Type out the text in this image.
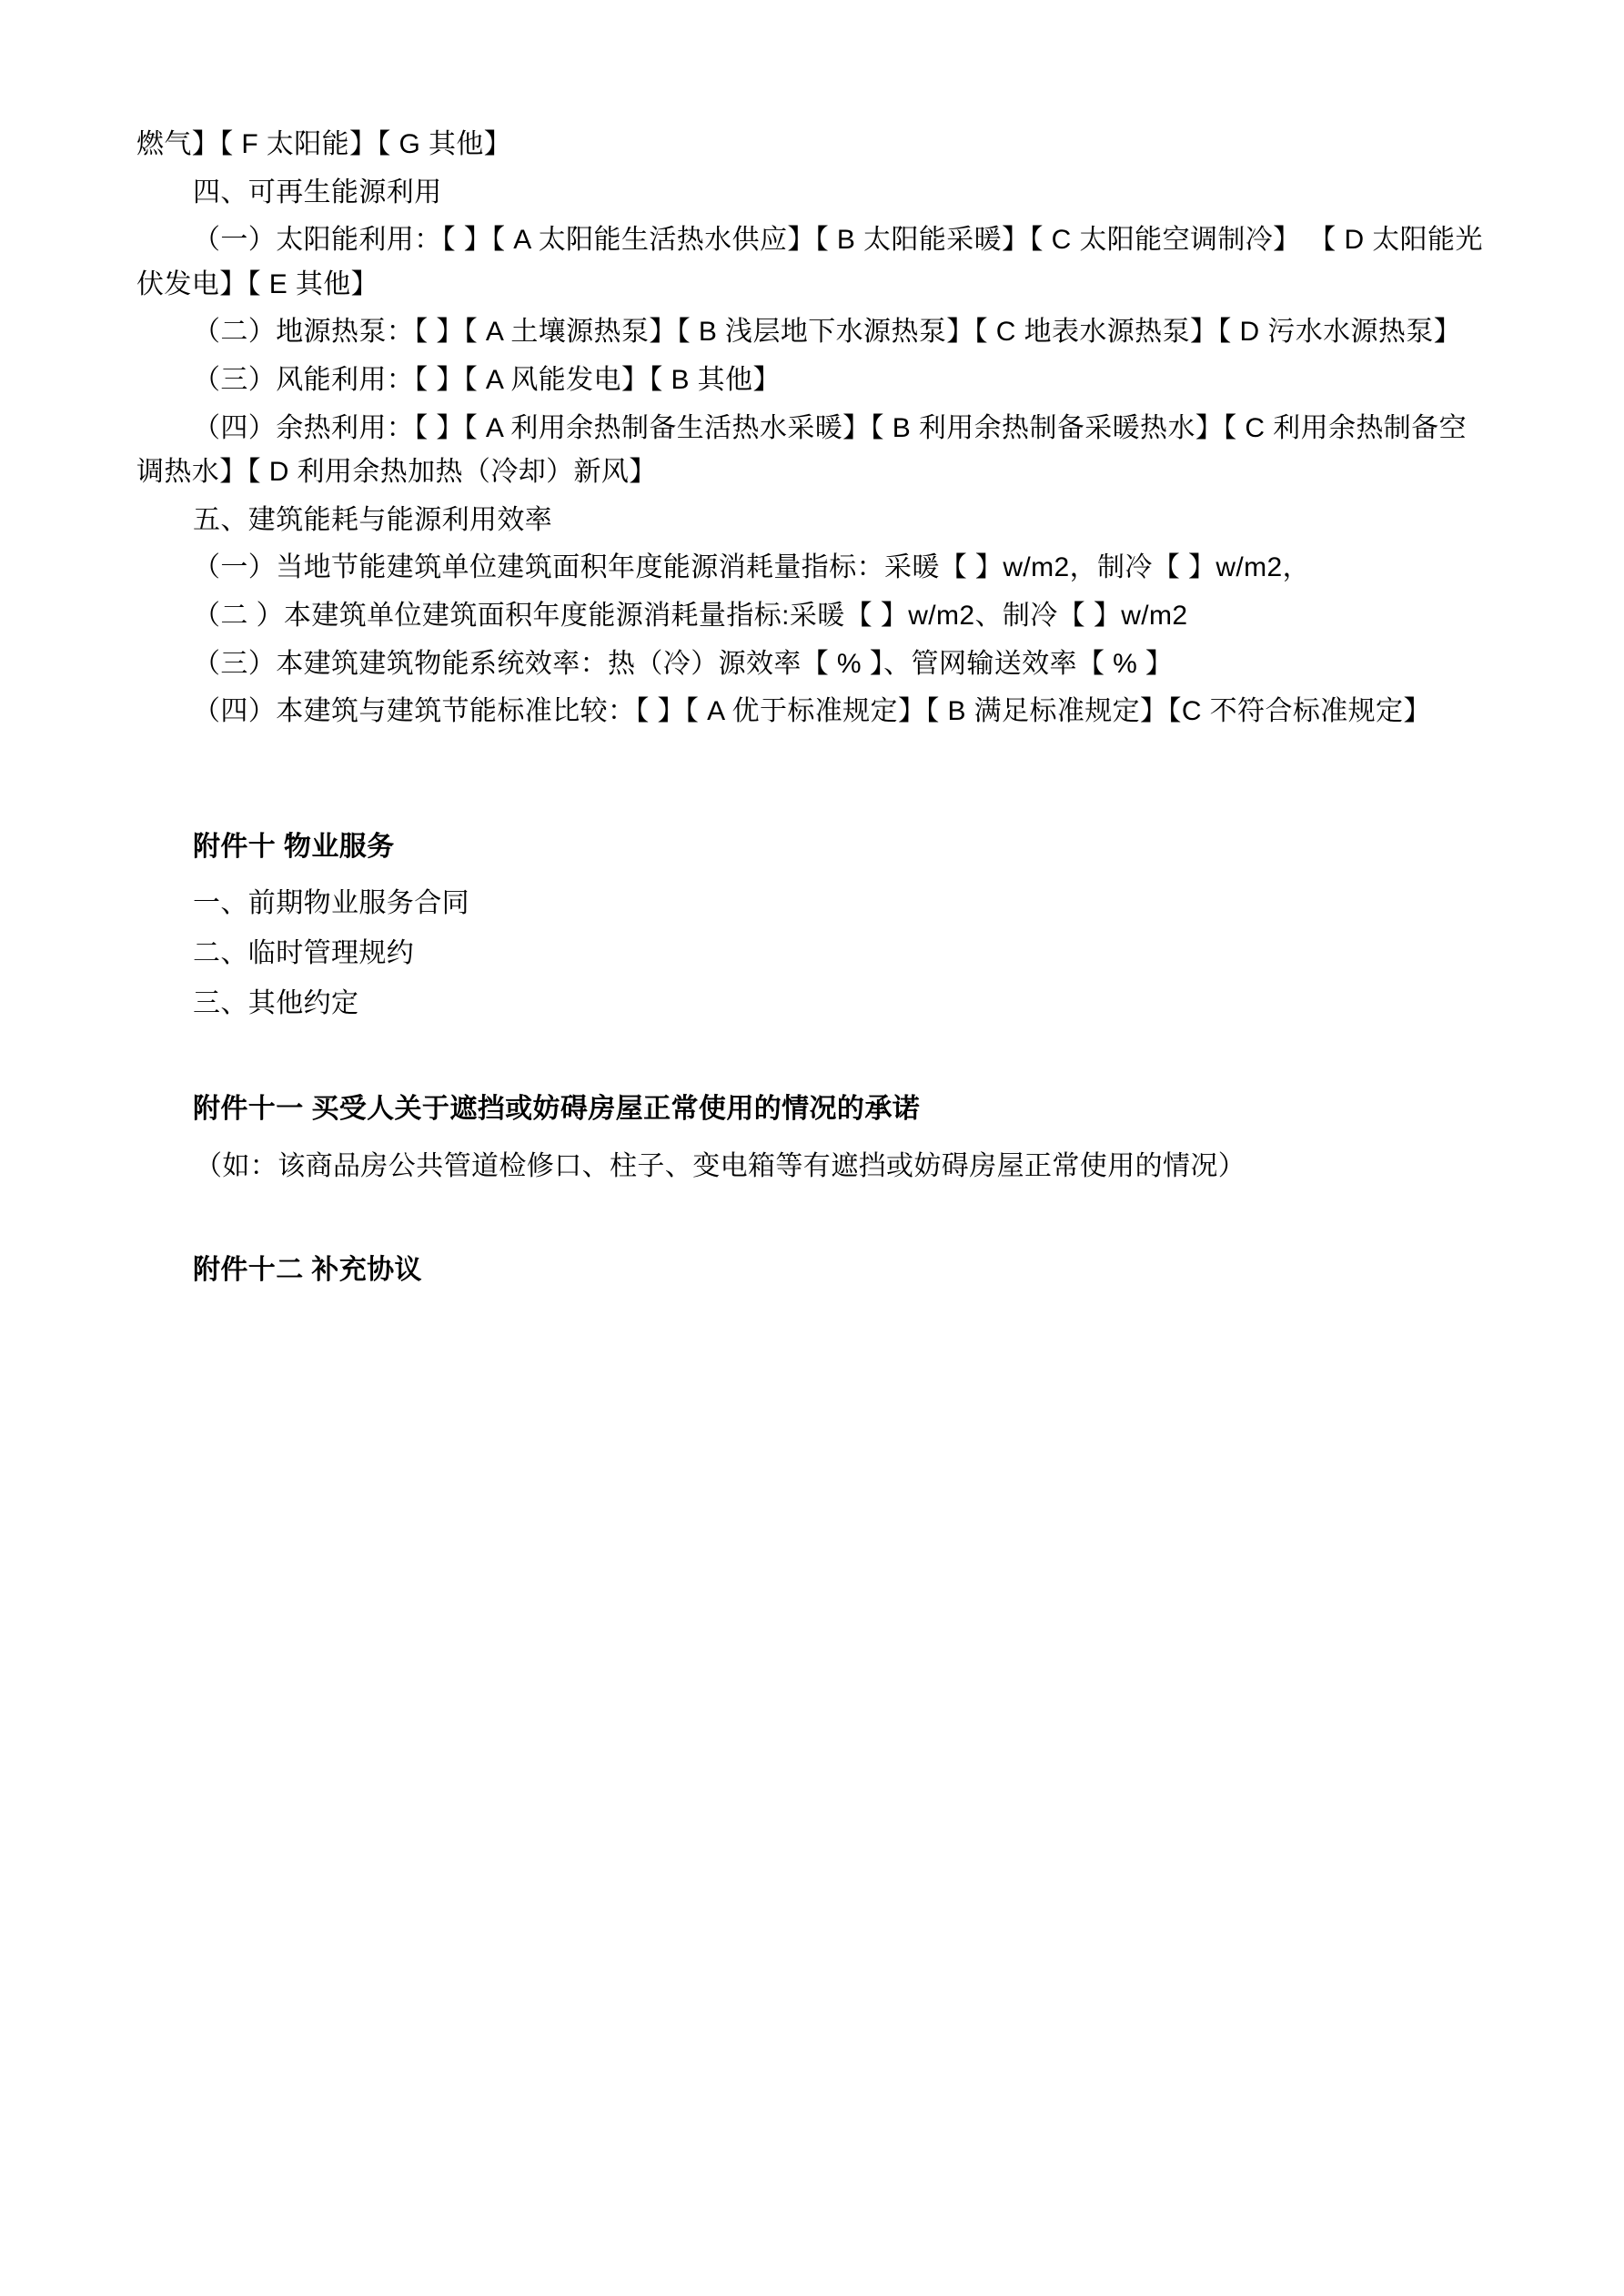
燃气】【 F 太阳能】【 G 其他】

四、可再生能源利用

（一）太阳能利用：【 】【 A 太阳能生活热水供应】【 B 太阳能采暖】【 C 太阳能空调制冷】 【 D 太阳能光伏发电】【 E 其他】

（二）地源热泵：【 】【 A 土壤源热泵】【 B 浅层地下水源热泵】【 C 地表水源热泵】【 D 污水水源热泵】

（三）风能利用：【 】【 A 风能发电】【 B 其他】

（四）余热利用：【 】【 A 利用余热制备生活热水采暖】【 B 利用余热制备采暖热水】【 C 利用余热制备空调热水】【 D 利用余热加热（冷却）新风】

五、建筑能耗与能源利用效率

（一）当地节能建筑单位建筑面积年度能源消耗量指标：采暖【 】w/m2，制冷【 】w/m2，

（二 ）本建筑单位建筑面积年度能源消耗量指标:采暖【 】w/m2、制冷【 】w/m2

（三）本建筑建筑物能系统效率：热（冷）源效率【 % 】、管网输送效率【 % 】

（四）本建筑与建筑节能标准比较：【 】【 A 优于标准规定】【 B 满足标准规定】【C 不符合标准规定】

附件十 物业服务

一、前期物业服务合同

二、临时管理规约

三、其他约定

附件十一 买受人关于遮挡或妨碍房屋正常使用的情况的承诺

（如：该商品房公共管道检修口、柱子、变电箱等有遮挡或妨碍房屋正常使用的情况）

附件十二 补充协议
